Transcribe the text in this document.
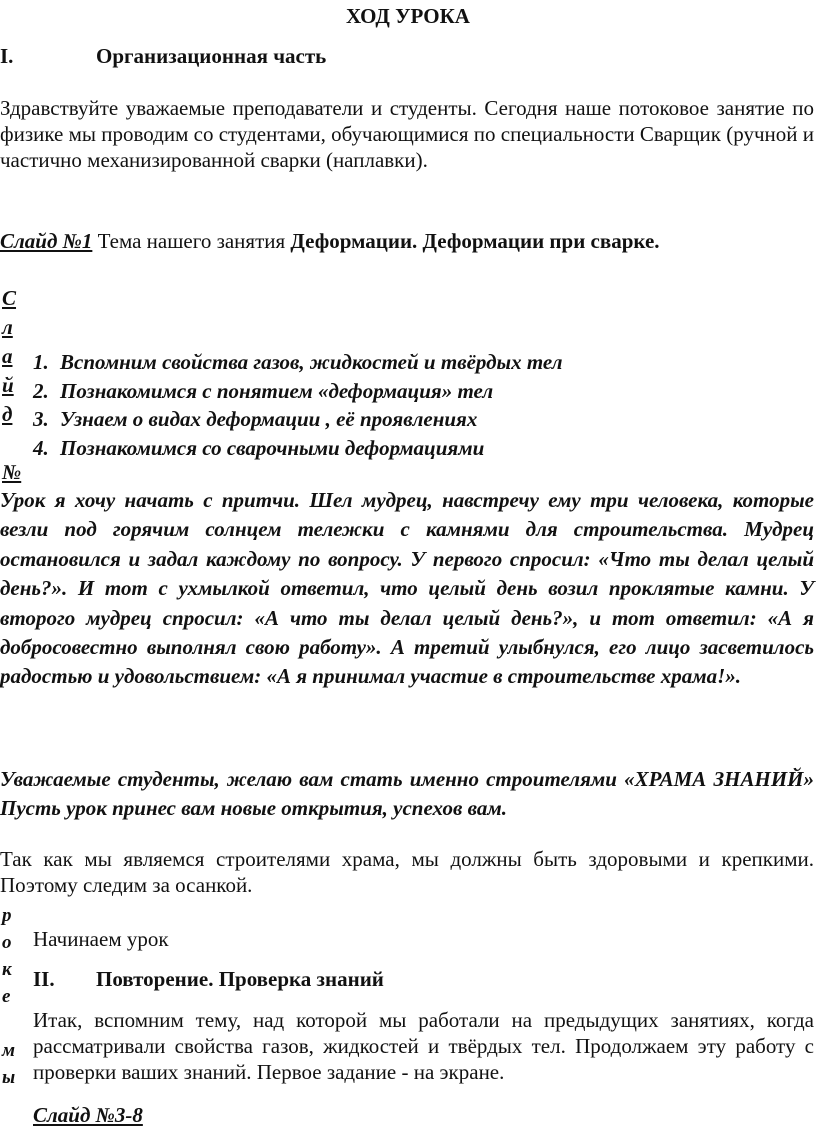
ХОД УРОКА
I.	Организационная часть
Здравствуйте уважаемые преподаватели и студенты. Сегодня наше потоковое занятие по физике мы проводим со студентами, обучающимися по специальности Сварщик (ручной и частично механизированной сварки (наплавки).
Слайд №1 Тема нашего занятия Деформации. Деформации при сварке.
С
л
а
й
д
№
1. Вспомним свойства газов, жидкостей и твёрдых тел
2. Познакомимся с понятием «деформация» тел
3. Узнаем о видах деформации , её проявлениях
4. Познакомимся со сварочными деформациями
Урок я хочу начать с притчи. Шел мудрец, навстречу ему три человека, которые везли под горячим солнцем тележки с камнями для строительства. Мудрец остановился и задал каждому по вопросу. У первого спросил: «Что ты делал целый день?». И тот с ухмылкой ответил, что целый день возил проклятые камни. У второго мудрец спросил: «А что ты делал целый день?», и тот ответил: «А я добросовестно выполнял свою работу». А третий улыбнулся, его лицо засветилось радостью и удовольствием: «А я принимал участие в строительстве храма!».
Уважаемые студенты, желаю вам стать именно строителями «ХРАМА ЗНАНИЙ» Пусть урок принес вам новые открытия, успехов вам.
Так как мы являемся строителями храма, мы должны быть здоровыми и крепкими. Поэтому следим за осанкой.
р
о
к
е
м
ы
Начинаем урок
II. Повторение. Проверка знаний
Итак, вспомним тему, над которой мы работали на предыдущих занятиях, когда рассматривали свойства газов, жидкостей и твёрдых тел. Продолжаем эту работу с проверки ваших знаний. Первое задание - на экране.
Слайд №3-8
